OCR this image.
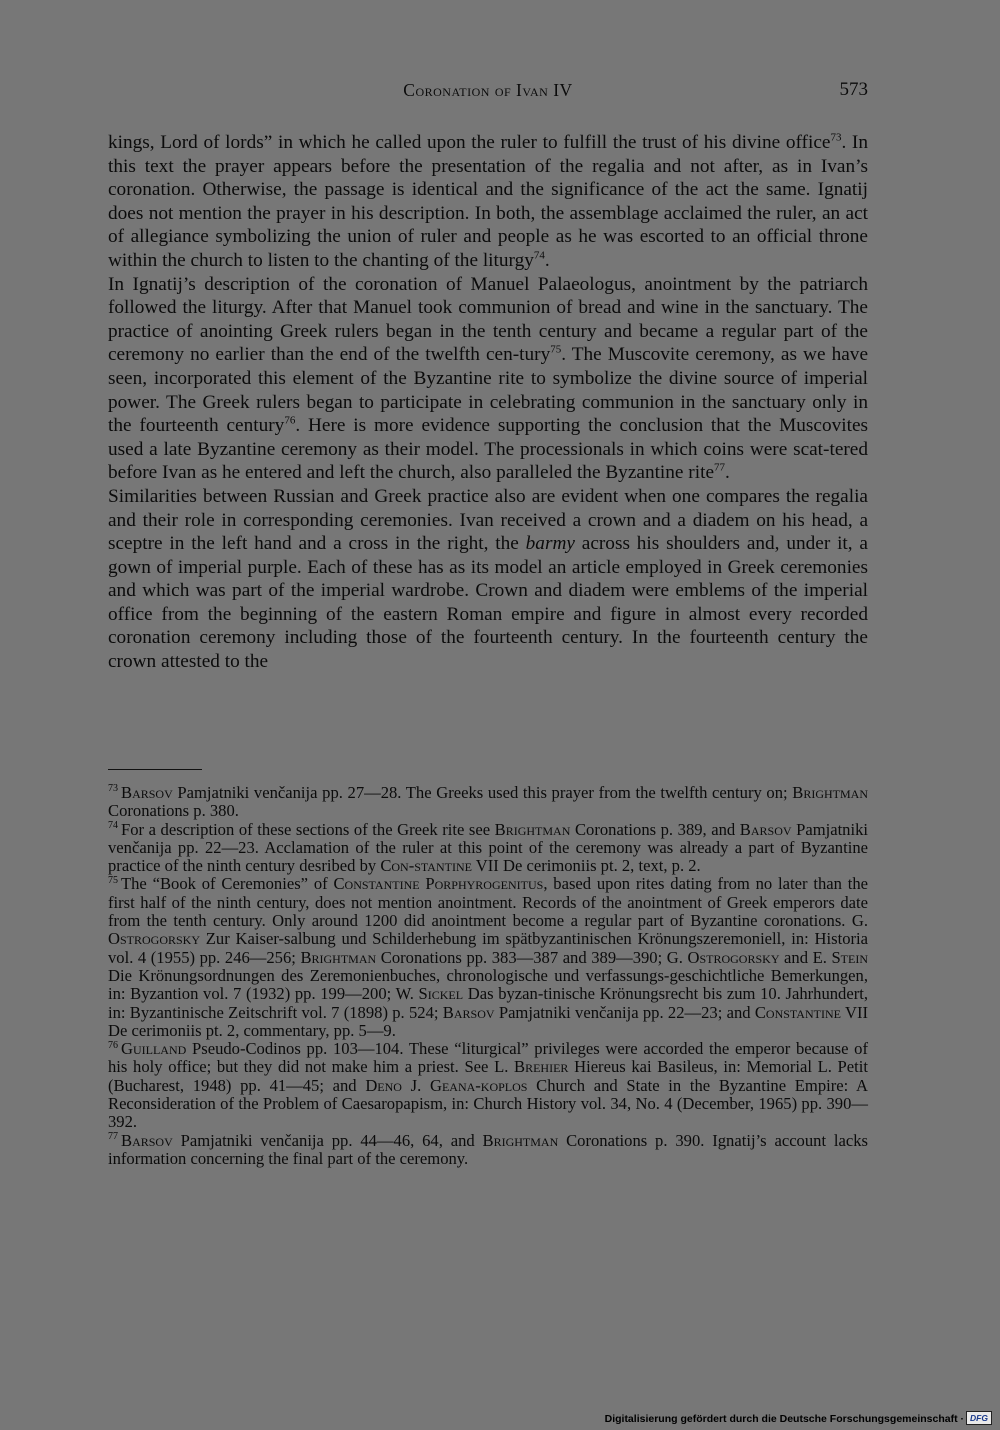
Coronation of Ivan IV	573

kings, Lord of lords” in which he called upon the ruler to fulfill the trust of his divine office$^{73}$. In this text the prayer appears before the presentation of the regalia and not after, as in Ivan’s coronation. Otherwise, the passage is identical and the significance of the act the same. Ignatij does not mention the prayer in his description. In both, the assemblage acclaimed the ruler, an act of allegiance symbolizing the union of ruler and people as he was escorted to an official throne within the church to listen to the chanting of the liturgy$^{74}$.

In Ignatij’s description of the coronation of Manuel Palaeologus, anointment by the patriarch followed the liturgy. After that Manuel took communion of bread and wine in the sanctuary. The practice of anointing Greek rulers began in the tenth century and became a regular part of the ceremony no earlier than the end of the twelfth cen-tury$^{75}$. The Muscovite ceremony, as we have seen, incorporated this element of the Byzantine rite to symbolize the divine source of imperial power. The Greek rulers began to participate in celebrating communion in the sanctuary only in the fourteenth century$^{76}$. Here is more evidence supporting the conclusion that the Muscovites used a late Byzantine ceremony as their model. The processionals in which coins were scat-tered before Ivan as he entered and left the church, also paralleled the Byzantine rite$^{77}$.

Similarities between Russian and Greek practice also are evident when one compares the regalia and their role in corresponding ceremonies. Ivan received a crown and a diadem on his head, a sceptre in the left hand and a cross in the right, the barmy across his shoulders and, under it, a gown of imperial purple. Each of these has as its model an article employed in Greek ceremonies and which was part of the imperial wardrobe. Crown and diadem were emblems of the imperial office from the beginning of the eastern Roman empire and figure in almost every recorded coronation ceremony including those of the fourteenth century. In the fourteenth century the crown attested to the

$^{73}$ Barsov Pamjatniki venčanija pp. 27—28. The Greeks used this prayer from the twelfth century on; Brightman Coronations p. 380.

$^{74}$ For a description of these sections of the Greek rite see Brightman Coronations p. 389, and Barsov Pamjatniki venčanija pp. 22—23. Acclamation of the ruler at this point of the ceremony was already a part of Byzantine practice of the ninth century desribed by Con-stantine VII De cerimoniis pt. 2, text, p. 2.

$^{75}$ The “Book of Ceremonies” of Constantine Porphyrogenitus, based upon rites dating from no later than the first half of the ninth century, does not mention anointment. Records of the anointment of Greek emperors date from the tenth century. Only around 1200 did anointment become a regular part of Byzantine coronations. G. Ostrogorsky Zur Kaiser-salbung und Schilderhebung im spätbyzantinischen Krönungszeremoniell, in: Historia vol. 4 (1955) pp. 246—256; Brightman Coronations pp. 383—387 and 389—390; G. Ostrogorsky and E. Stein Die Krönungsordnungen des Zeremonienbuches, chronologische und verfassungs-geschichtliche Bemerkungen, in: Byzantion vol. 7 (1932) pp. 199—200; W. Sickel Das byzan-tinische Krönungsrecht bis zum 10. Jahrhundert, in: Byzantinische Zeitschrift vol. 7 (1898) p. 524; Barsov Pamjatniki venčanija pp. 22—23; and Constantine VII De cerimoniis pt. 2, commentary, pp. 5—9.

$^{76}$ Guilland Pseudo-Codinos pp. 103—104. These “liturgical” privileges were accorded the emperor because of his holy office; but they did not make him a priest. See L. Brehier Hiereus kai Basileus, in: Memorial L. Petit (Bucharest, 1948) pp. 41—45; and Deno J. Geana-koplos Church and State in the Byzantine Empire: A Reconsideration of the Problem of Caesaropapism, in: Church History vol. 34, No. 4 (December, 1965) pp. 390—392.

$^{77}$ Barsov Pamjatniki venčanija pp. 44—46, 64, and Brightman Coronations p. 390. Ignatij’s account lacks information concerning the final part of the ceremony.

Digitalisierung gefördert durch die Deutsche Forschungsgemeinschaft · DFG
